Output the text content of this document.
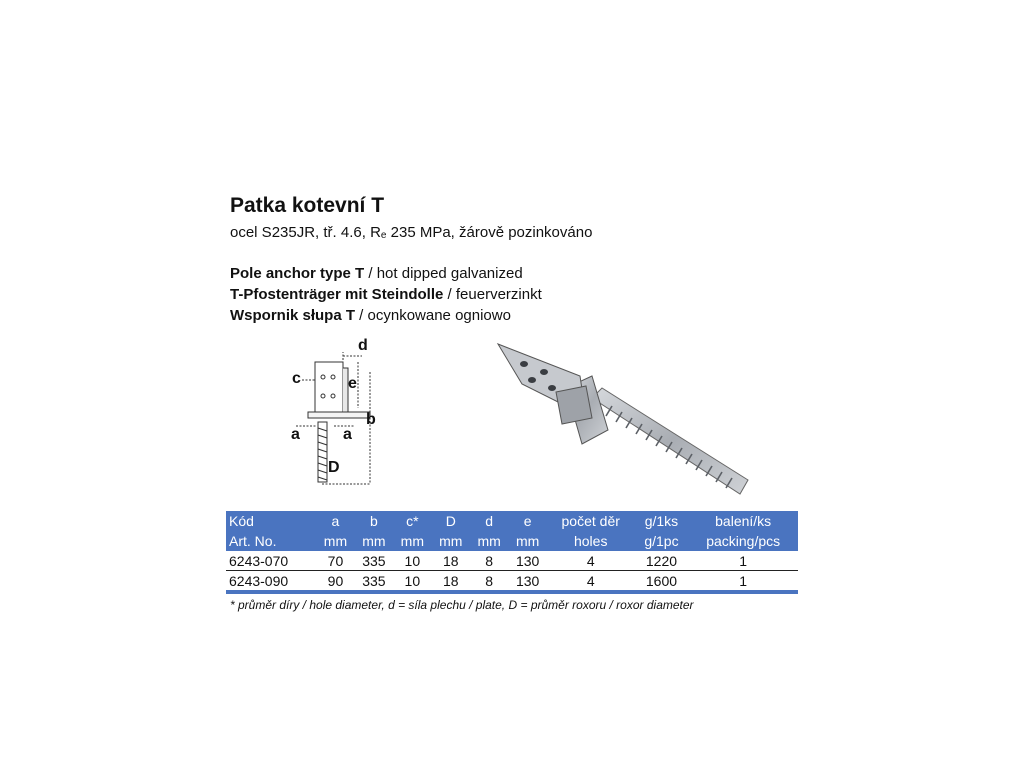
Patka kotevní T
ocel S235JR, tř. 4.6, $R_e$ 235 MPa, žárově pozinkováno
Pole anchor type T / hot dipped galvanized
T-Pfostenträger mit Steindolle / feuerverzinkt
Wspornik słupa T / ocynkowane ogniowo
d
c	e
b
a	a
D
Kód	a	b	c*	D	d	e	počet děr	g/1ks	balení/ks
Art. No.	mm	mm	mm	mm	mm	mm	holes	g/1pc	packing/pcs
6243-070	70	335	10	18	8	130	4	1220	1
6243-090	90	335	10	18	8	130	4	1600	1
* průměr díry / hole diameter, d = síla plechu / plate, D = průměr roxoru / roxor diameter
